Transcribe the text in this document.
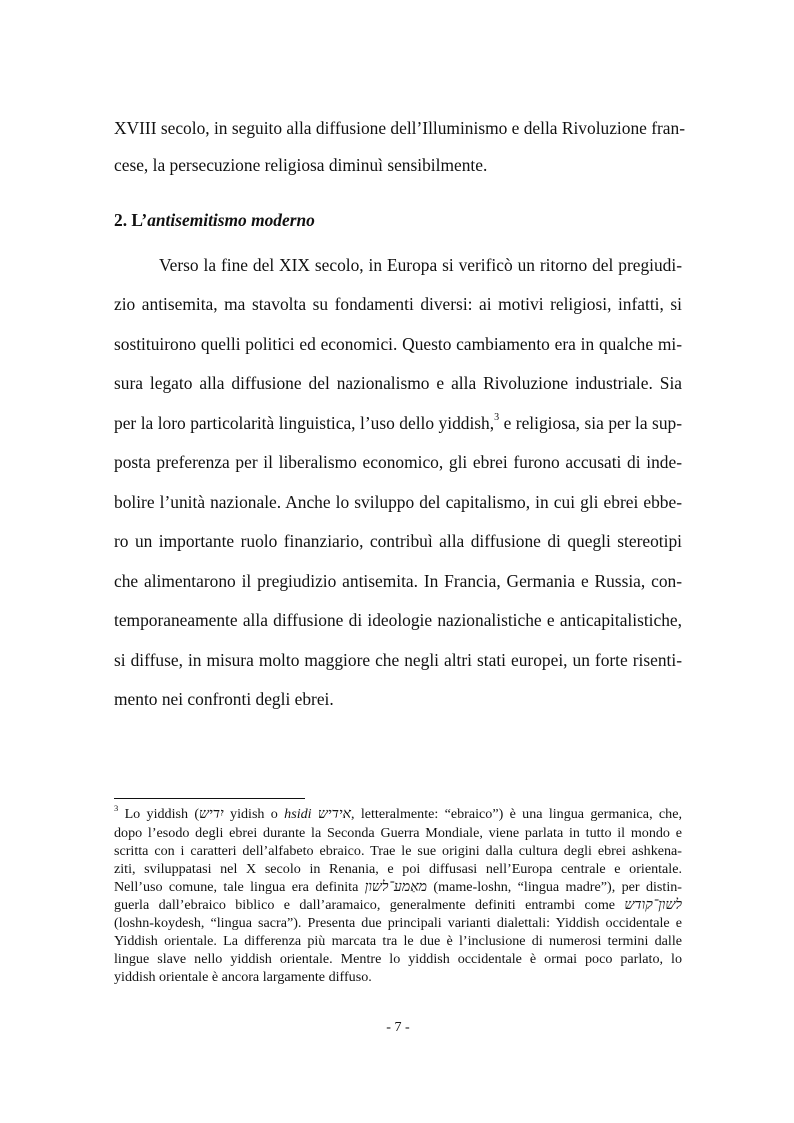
XVIII secolo, in seguito alla diffusione dell’Illuminismo e della Rivoluzione fran-
cese, la persecuzione religiosa diminuì sensibilmente.
2. L’antisemitismo moderno
Verso la fine del XIX secolo, in Europa si verificò un ritorno del pregiudi-
zio antisemita, ma stavolta su fondamenti diversi: ai motivi religiosi, infatti, si
sostituirono quelli politici ed economici. Questo cambiamento era in qualche mi-
sura legato alla diffusione del nazionalismo e alla Rivoluzione industriale. Sia
per la loro particolarità linguistica, l’uso dello yiddish,$^3$ e religiosa, sia per la sup-
posta preferenza per il liberalismo economico, gli ebrei furono accusati di inde-
bolire l’unità nazionale. Anche lo sviluppo del capitalismo, in cui gli ebrei ebbe-
ro un importante ruolo finanziario, contribuì alla diffusione di quegli stereotipi
che alimentarono il pregiudizio antisemita. In Francia, Germania e Russia, con-
temporaneamente alla diffusione di ideologie nazionalistiche e anticapitalistiche,
si diffuse, in misura molto maggiore che negli altri stati europei, un forte risenti-
mento nei confronti degli ebrei.
$^3$ Lo yiddish (יִדיש yidish o hsidi אידיש, letteralmente: “ebraico”) è una lingua germanica, che,
dopo l’esodo degli ebrei durante la Seconda Guerra Mondiale, viene parlata in tutto il mondo e
scritta con i caratteri dell’alfabeto ebraico. Trae le sue origini dalla cultura degli ebrei ashkena-
ziti, sviluppatasi nel X secolo in Renania, e poi diffusasi nell’Europa centrale e orientale.
Nell’uso comune, tale lingua era definita מאַמע־לשון (mame-loshn, “lingua madre”), per distin-
guerla dall’ebraico biblico e dall’aramaico, generalmente definiti entrambi come לשון־קודש
(loshn-koydesh, “lingua sacra”). Presenta due principali varianti dialettali: Yiddish occidentale e
Yiddish orientale. La differenza più marcata tra le due è l’inclusione di numerosi termini dalle
lingue slave nello yiddish orientale. Mentre lo yiddish occidentale è ormai poco parlato, lo
yiddish orientale è ancora largamente diffuso.
- 7 -
